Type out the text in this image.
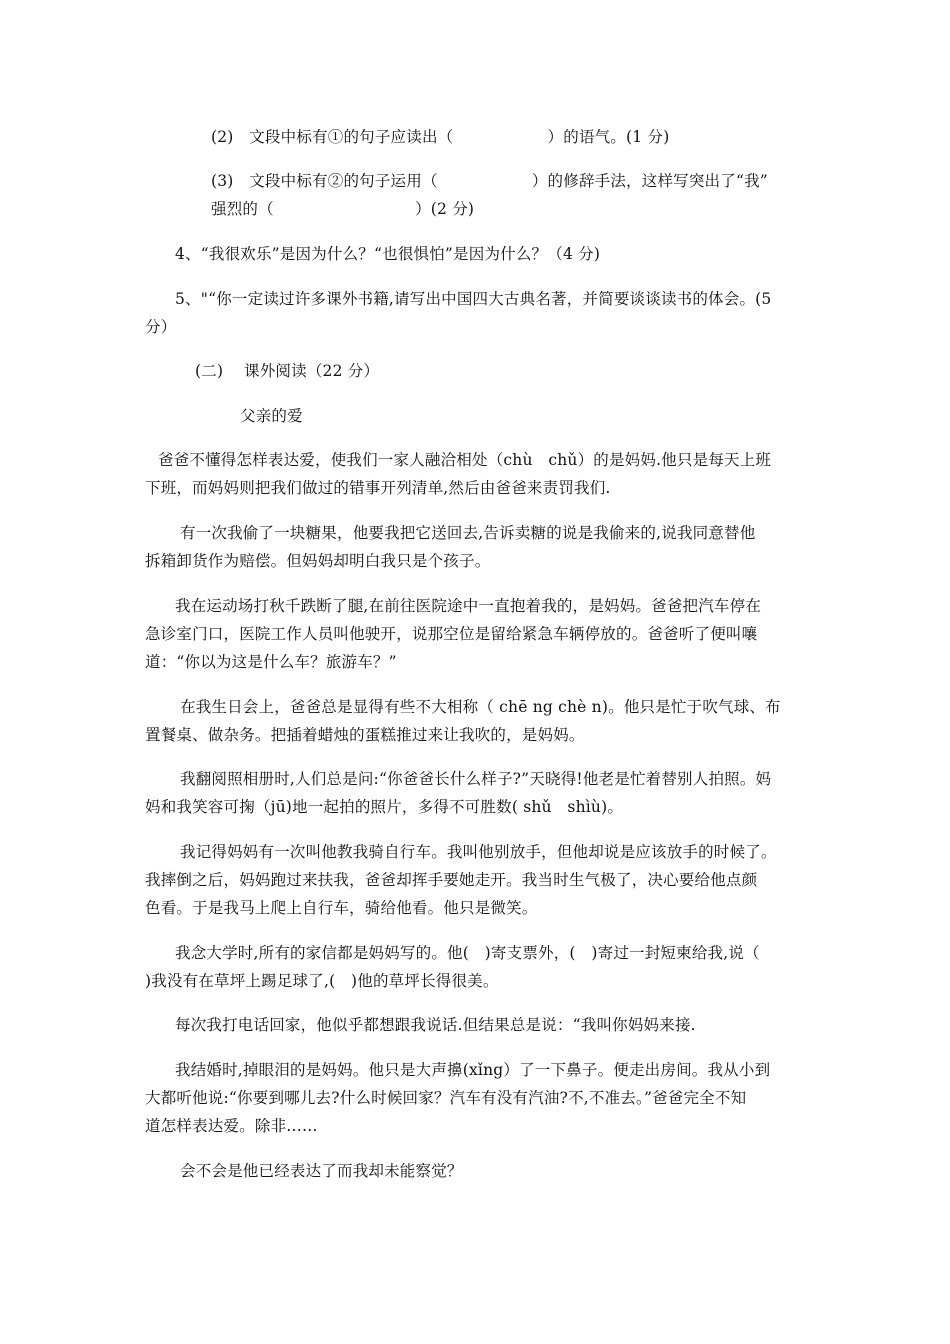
(2)　文段中标有①的句子应读出（　　　　　　）的语气。(1 分)
(3)　文段中标有②的句子运用（　　　　　　）的修辞手法，这样写突出了“我”
强烈的（　　　　　　　　　）(2 分)
4、“我很欢乐”是因为什么？“也很惧怕”是因为什么？（4 分)
5、"“你一定读过许多课外书籍,请写出中国四大古典名著，并简要谈谈读书的体会。(5
分）
(二)　 课外阅读（22 分）
父亲的爱
爸爸不懂得怎样表达爱，使我们一家人融洽相处（chù　chǔ）的是妈妈.他只是每天上班
下班，而妈妈则把我们做过的错事开列清单,然后由爸爸来责罚我们.
有一次我偷了一块糖果，他要我把它送回去,告诉卖糖的说是我偷来的,说我同意替他
拆箱卸货作为赔偿。但妈妈却明白我只是个孩子。
我在运动场打秋千跌断了腿,在前往医院途中一直抱着我的，是妈妈。爸爸把汽车停在
急诊室门口，医院工作人员叫他驶开，说那空位是留给紧急车辆停放的。爸爸听了便叫嚷
道：“你以为这是什么车？旅游车？”
在我生日会上，爸爸总是显得有些不大相称（ chē ng chè n)。他只是忙于吹气球、布
置餐桌、做杂务。把插着蜡烛的蛋糕推过来让我吹的，是妈妈。
我翻阅照相册时,人们总是问:“你爸爸长什么样子?”天晓得!他老是忙着替别人拍照。妈
妈和我笑容可掬（jū)地一起拍的照片，多得不可胜数( shǔ　shìù)。
我记得妈妈有一次叫他教我骑自行车。我叫他别放手，但他却说是应该放手的时候了。
我摔倒之后，妈妈跑过来扶我，爸爸却挥手要她走开。我当时生气极了，决心要给他点颜
色看。于是我马上爬上自行车，骑给他看。他只是微笑。
我念大学时,所有的家信都是妈妈写的。他(　)寄支票外，(　)寄过一封短柬给我,说（
)我没有在草坪上踢足球了,(　)他的草坪长得很美。
每次我打电话回家，他似乎都想跟我说话.但结果总是说：“我叫你妈妈来接.
我结婚时,掉眼泪的是妈妈。他只是大声擤(xǐng）了一下鼻子。便走出房间。我从小到
大都听他说:“你要到哪儿去?什么时候回家？汽车有没有汽油?不,不准去。”爸爸完全不知
道怎样表达爱。除非……
会不会是他已经表达了而我却未能察觉？
